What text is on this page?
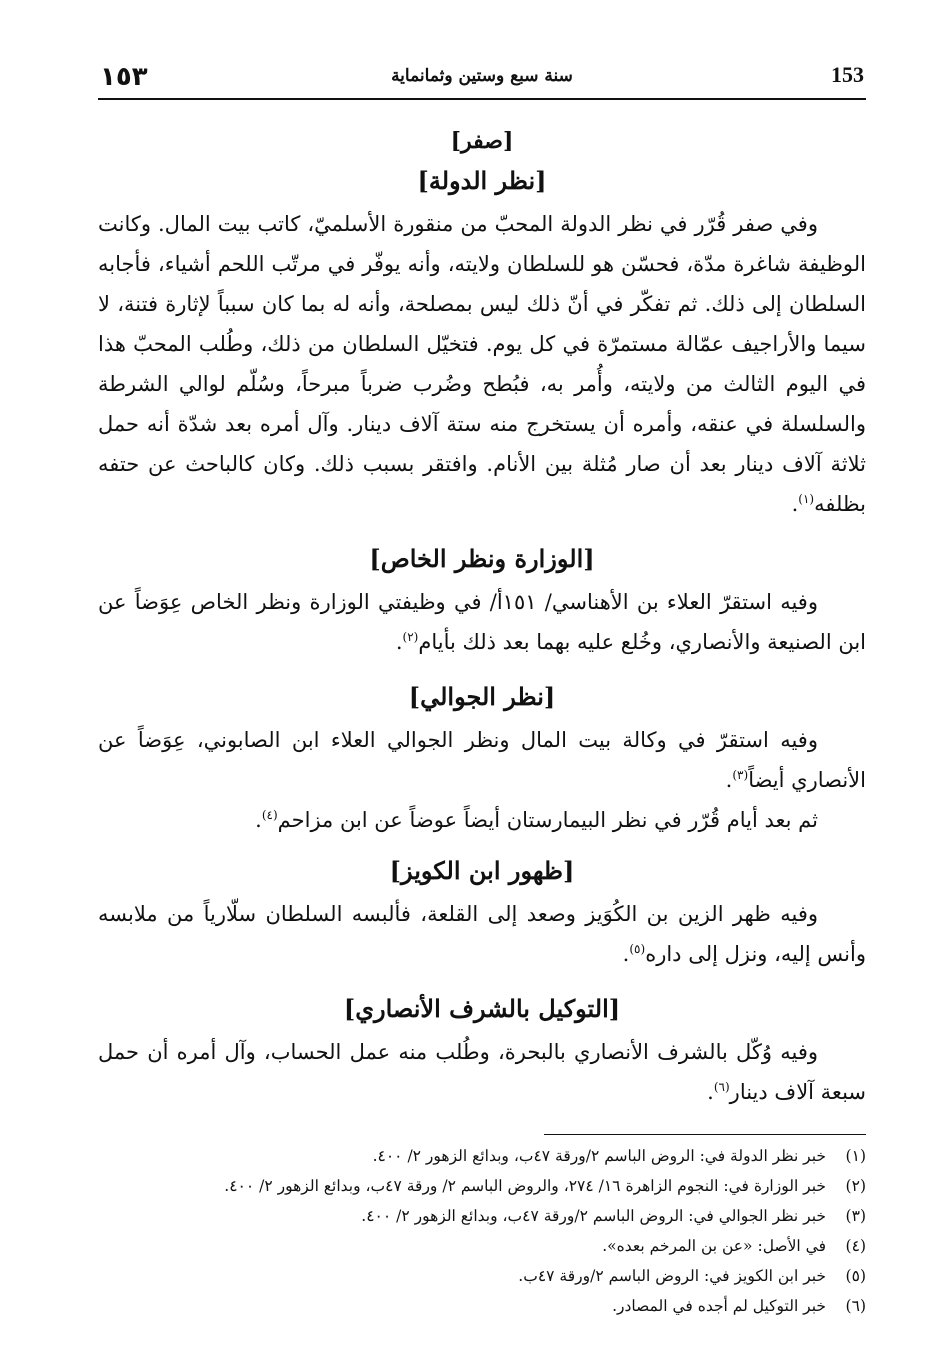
١٥٣	سنة سبع وستين وثمانماية	153
[صفر]
[نظر الدولة]

وفي صفر قُرّر في نظر الدولة المحبّ من منقورة الأسلميّ، كاتب بيت المال. وكانت الوظيفة شاغرة مدّة، فحسّن هو للسلطان ولايته، وأنه يوفّر في مرتّب اللحم أشياء، فأجابه السلطان إلى ذلك. ثم تفكّر في أنّ ذلك ليس بمصلحة، وأنه له بما كان سبباً لإثارة فتنة، لا سيما والأراجيف عمّالة مستمرّة في كل يوم. فتخيّل السلطان من ذلك، وطُلب المحبّ هذا في اليوم الثالث من ولايته، وأُمر به، فبُطح وضُرب ضرباً مبرحاً، وسُلّم لوالي الشرطة والسلسلة في عنقه، وأمره أن يستخرج منه ستة آلاف دينار. وآل أمره بعد شدّة أنه حمل ثلاثة آلاف دينار بعد أن صار مُثلة بين الأنام. وافتقر بسبب ذلك. وكان كالباحث عن حتفه بظلفه$^{(١)}$.

[الوزارة ونظر الخاص]

وفيه استقرّ العلاء بن الأهناسي/ ١٥١أ/ في وظيفتي الوزارة ونظر الخاص عِوَضاً عن ابن الصنيعة والأنصاري، وخُلع عليه بهما بعد ذلك بأيام$^{(٢)}$.

[نظر الجوالي]

وفيه استقرّ في وكالة بيت المال ونظر الجوالي العلاء ابن الصابوني، عِوَضاً عن الأنصاري أيضاً$^{(٣)}$.

ثم بعد أيام قُرّر في نظر البيمارستان أيضاً عوضاً عن ابن مزاحم$^{(٤)}$.

[ظهور ابن الكويز]

وفيه ظهر الزين بن الكُوَيز وصعد إلى القلعة، فألبسه السلطان سلّارياً من ملابسه وأنس إليه، ونزل إلى داره$^{(٥)}$.

[التوكيل بالشرف الأنصاري]

وفيه وُكّل بالشرف الأنصاري بالبحرة، وطُلب منه عمل الحساب، وآل أمره أن حمل سبعة آلاف دينار$^{(٦)}$.

(١)
خبر نظر الدولة في: الروض الباسم ٢/ورقة ٤٧ب، وبدائع الزهور ٢/ ٤٠٠.
(٢)
خبر الوزارة في: النجوم الزاهرة ١٦/ ٢٧٤، والروض الباسم ٢/ ورقة ٤٧ب، وبدائع الزهور ٢/ ٤٠٠.
(٣)
خبر نظر الجوالي في: الروض الباسم ٢/ورقة ٤٧ب، وبدائع الزهور ٢/ ٤٠٠.
(٤)
في الأصل: «عن بن المرخم بعده».
(٥)
خبر ابن الكويز في: الروض الباسم ٢/ورقة ٤٧ب.
(٦)
خبر التوكيل لم أجده في المصادر.
